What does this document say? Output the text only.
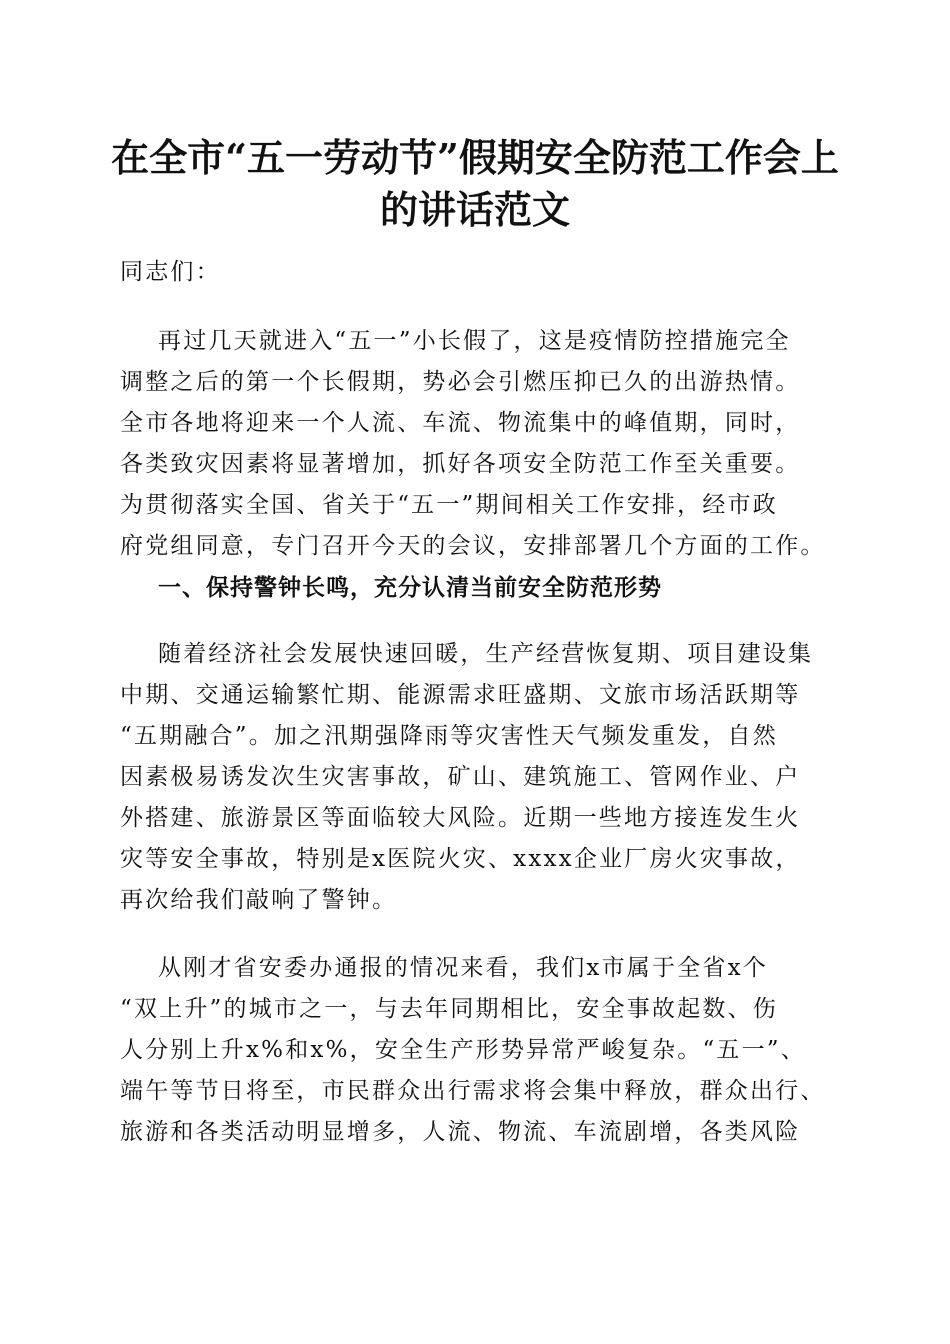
在全市“五一劳动节”假期安全防范工作会上
的讲话范文

同志们：

再过几天就进入“五一”小长假了，这是疫情防控措施完全

调整之后的第一个长假期，势必会引燃压抑已久的出游热情。

全市各地将迎来一个人流、车流、物流集中的峰值期，同时，

各类致灾因素将显著增加，抓好各项安全防范工作至关重要。

为贯彻落实全国、省关于“五一”期间相关工作安排，经市政

府党组同意，专门召开今天的会议，安排部署几个方面的工作。

一、保持警钟长鸣，充分认清当前安全防范形势

随着经济社会发展快速回暖，生产经营恢复期、项目建设集

中期、交通运输繁忙期、能源需求旺盛期、文旅市场活跃期等

“五期融合”。加之汛期强降雨等灾害性天气频发重发，自然

因素极易诱发次生灾害事故，矿山、建筑施工、管网作业、户

外搭建、旅游景区等面临较大风险。近期一些地方接连发生火

灾等安全事故，特别是x医院火灾、xxxx企业厂房火灾事故，

再次给我们敲响了警钟。

从刚才省安委办通报的情况来看，我们x市属于全省x个

“双上升”的城市之一，与去年同期相比，安全事故起数、伤

人分别上升x%和x%，安全生产形势异常严峻复杂。“五一”、

端午等节日将至，市民群众出行需求将会集中释放，群众出行、

旅游和各类活动明显增多，人流、物流、车流剧增，各类风险
